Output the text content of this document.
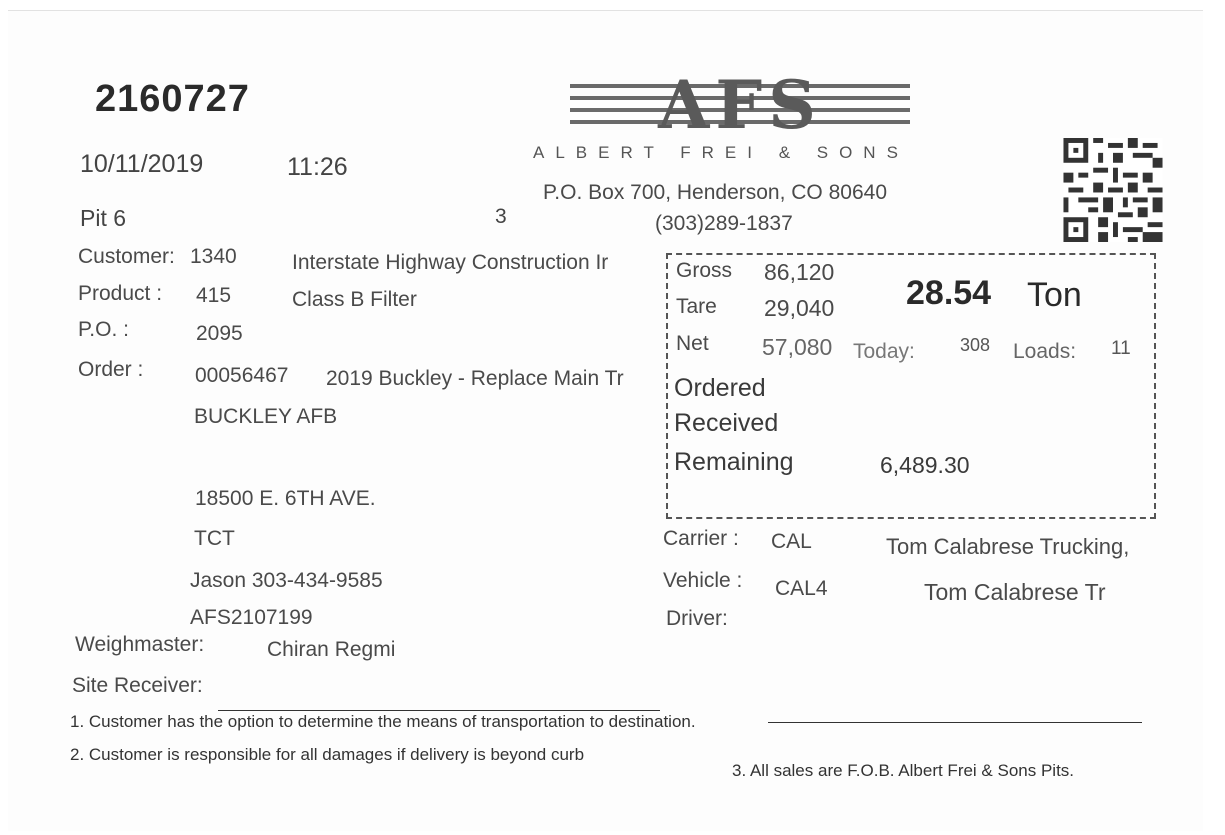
2160727
10/11/2019	11:26
Pit 6	3
AFS
ALBERT FREI & SONS
P.O. Box 700, Henderson, CO 80640
(303)289-1837
Customer: 1340	Interstate Highway Construction Ir
Product : 415	Class B Filter
P.O. :	2095
Order : 00056467 2019 Buckley - Replace Main Tr
BUCKLEY AFB
18500 E. 6TH AVE.
TCT
Jason 303-434-9585
AFS2107199
Gross 86,120
Tare 29,040
Net 57,080
28.54 Ton
Today:	308 Loads: 11
Ordered
Received
Remaining	6,489.30
Carrier : CAL	Tom Calabrese Trucking,
Vehicle : CAL4	Tom Calabrese Tr
Driver:
Weighmaster:	Chiran Regmi
Site Receiver:
1. Customer has the option to determine the means of transportation to destination.
2. Customer is responsible for all damages if delivery is beyond curb
3. All sales are F.O.B. Albert Frei & Sons Pits.
